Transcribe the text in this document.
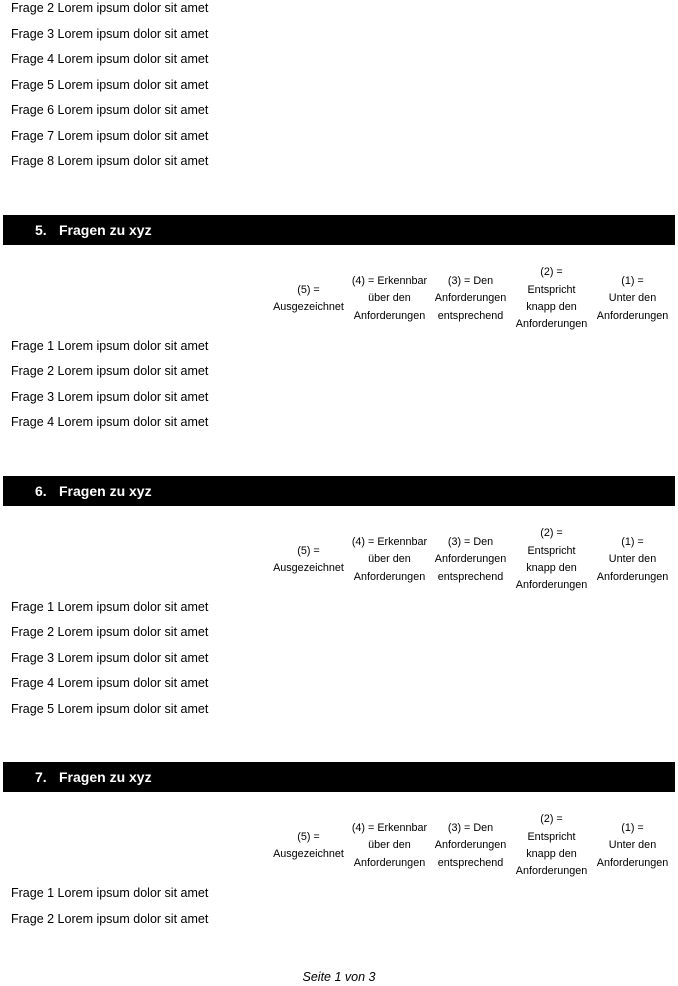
Frage 2 Lorem ipsum dolor sit amet
Frage 3 Lorem ipsum dolor sit amet
Frage 4 Lorem ipsum dolor sit amet
Frage 5 Lorem ipsum dolor sit amet
Frage 6 Lorem ipsum dolor sit amet
Frage 7 Lorem ipsum dolor sit amet
Frage 8 Lorem ipsum dolor sit amet
5. Fragen zu xyz
(5) =
Ausgezeichnet
(4) = Erkennbar
über den
Anforderungen
(3) = Den
Anforderungen
entsprechend
(2) =
Entspricht
knapp den
Anforderungen
(1) =
Unter den
Anforderungen
Frage 1 Lorem ipsum dolor sit amet
Frage 2 Lorem ipsum dolor sit amet
Frage 3 Lorem ipsum dolor sit amet
Frage 4 Lorem ipsum dolor sit amet
6. Fragen zu xyz
(5) =
Ausgezeichnet
(4) = Erkennbar
über den
Anforderungen
(3) = Den
Anforderungen
entsprechend
(2) =
Entspricht
knapp den
Anforderungen
(1) =
Unter den
Anforderungen
Frage 1 Lorem ipsum dolor sit amet
Frage 2 Lorem ipsum dolor sit amet
Frage 3 Lorem ipsum dolor sit amet
Frage 4 Lorem ipsum dolor sit amet
Frage 5 Lorem ipsum dolor sit amet
7. Fragen zu xyz
(5) =
Ausgezeichnet
(4) = Erkennbar
über den
Anforderungen
(3) = Den
Anforderungen
entsprechend
(2) =
Entspricht
knapp den
Anforderungen
(1) =
Unter den
Anforderungen
Frage 1 Lorem ipsum dolor sit amet
Frage 2 Lorem ipsum dolor sit amet
Seite 1 von 3
